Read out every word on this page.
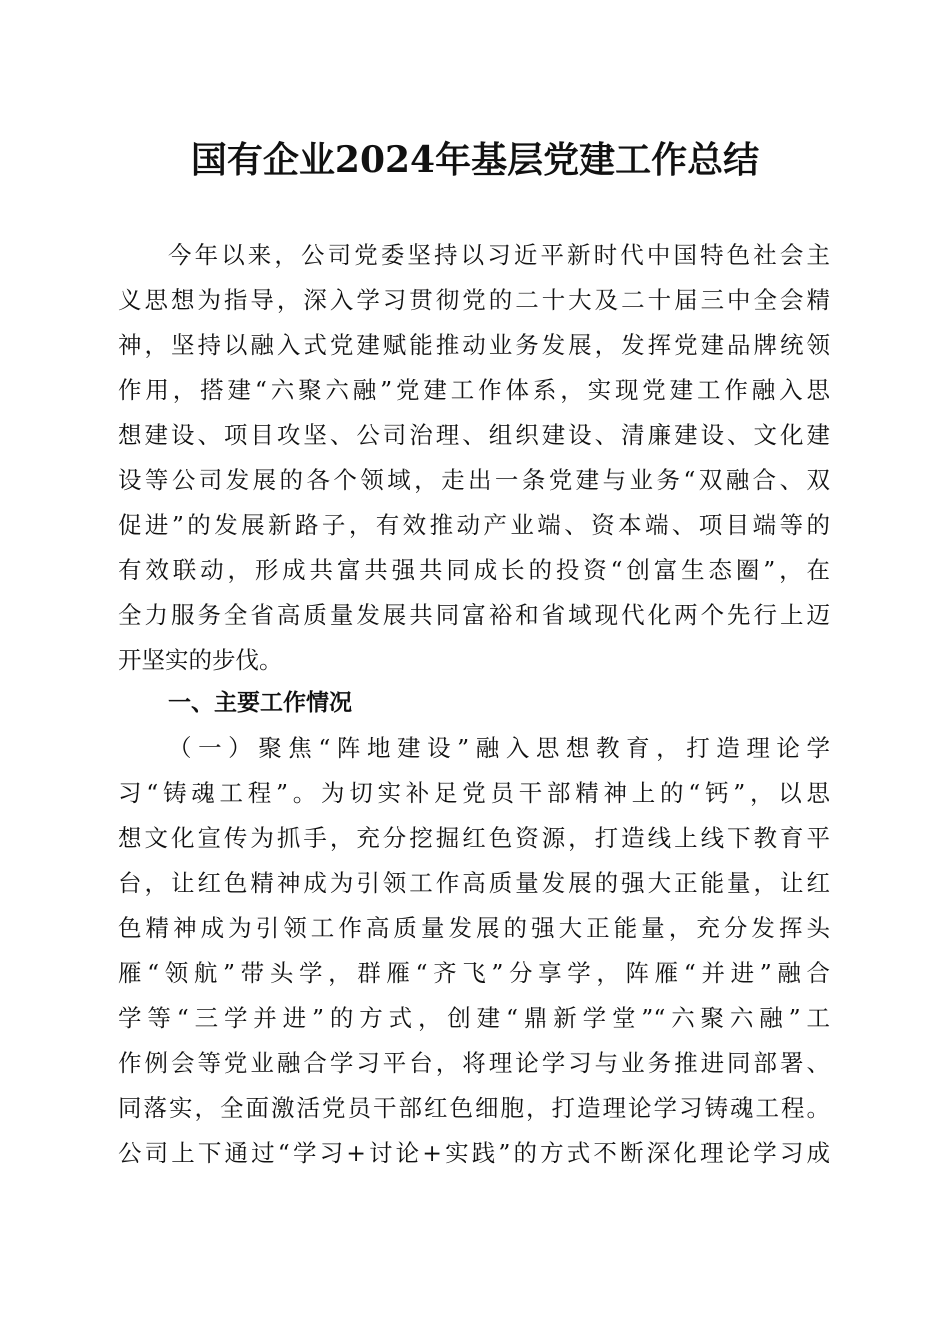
国有企业2024年基层党建工作总结

今年以来，公司党委坚持以习近平新时代中国特色社会主

义思想为指导，深入学习贯彻党的二十大及二十届三中全会精

神，坚持以融入式党建赋能推动业务发展，发挥党建品牌统领

作用，搭建“六聚六融”党建工作体系，实现党建工作融入思

想建设、项目攻坚、公司治理、组织建设、清廉建设、文化建

设等公司发展的各个领域，走出一条党建与业务“双融合、双

促进”的发展新路子，有效推动产业端、资本端、项目端等的

有效联动，形成共富共强共同成长的投资“创富生态圈”，在

全力服务全省高质量发展共同富裕和省域现代化两个先行上迈

开坚实的步伐。

一、主要工作情况

（一）聚焦“阵地建设”融入思想教育，打造理论学

习“铸魂工程”。为切实补足党员干部精神上的“钙”，以思

想文化宣传为抓手，充分挖掘红色资源，打造线上线下教育平

台，让红色精神成为引领工作高质量发展的强大正能量，让红

色精神成为引领工作高质量发展的强大正能量，充分发挥头

雁“领航”带头学，群雁“齐飞”分享学，阵雁“并进”融合

学等“三学并进”的方式，创建“鼎新学堂”“六聚六融”工

作例会等党业融合学习平台，将理论学习与业务推进同部署、

同落实，全面激活党员干部红色细胞，打造理论学习铸魂工程。

公司上下通过“学习+讨论+实践”的方式不断深化理论学习成
